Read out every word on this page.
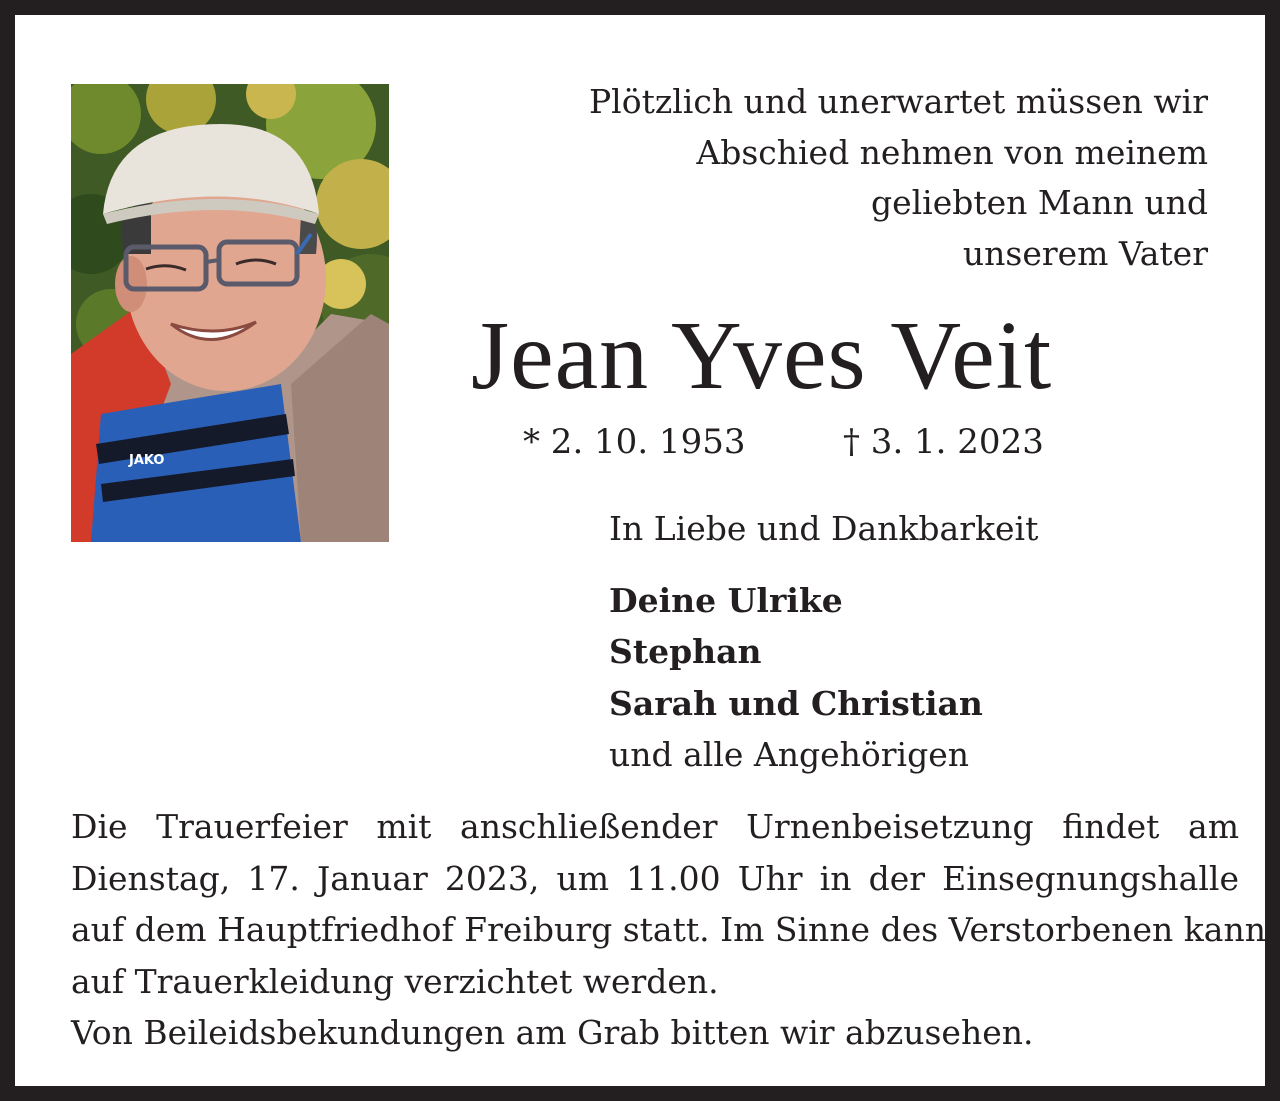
JAKO
Plötzlich und unerwartet müssen wir
Abschied nehmen von meinem
geliebten Mann und
unserem Vater
Jean Yves Veit
* 2. 10. 1953	† 3. 1. 2023
In Liebe und Dankbarkeit
Deine Ulrike
Stephan
Sarah und Christian
und alle Angehörigen
Die Trauerfeier mit anschließender Urnenbeisetzung findet am
Dienstag, 17. Januar 2023, um 11.00 Uhr in der Einsegnungshalle
auf dem Hauptfriedhof Freiburg statt. Im Sinne des Verstorbenen kann
auf Trauerkleidung verzichtet werden.
Von Beileidsbekundungen am Grab bitten wir abzusehen.
